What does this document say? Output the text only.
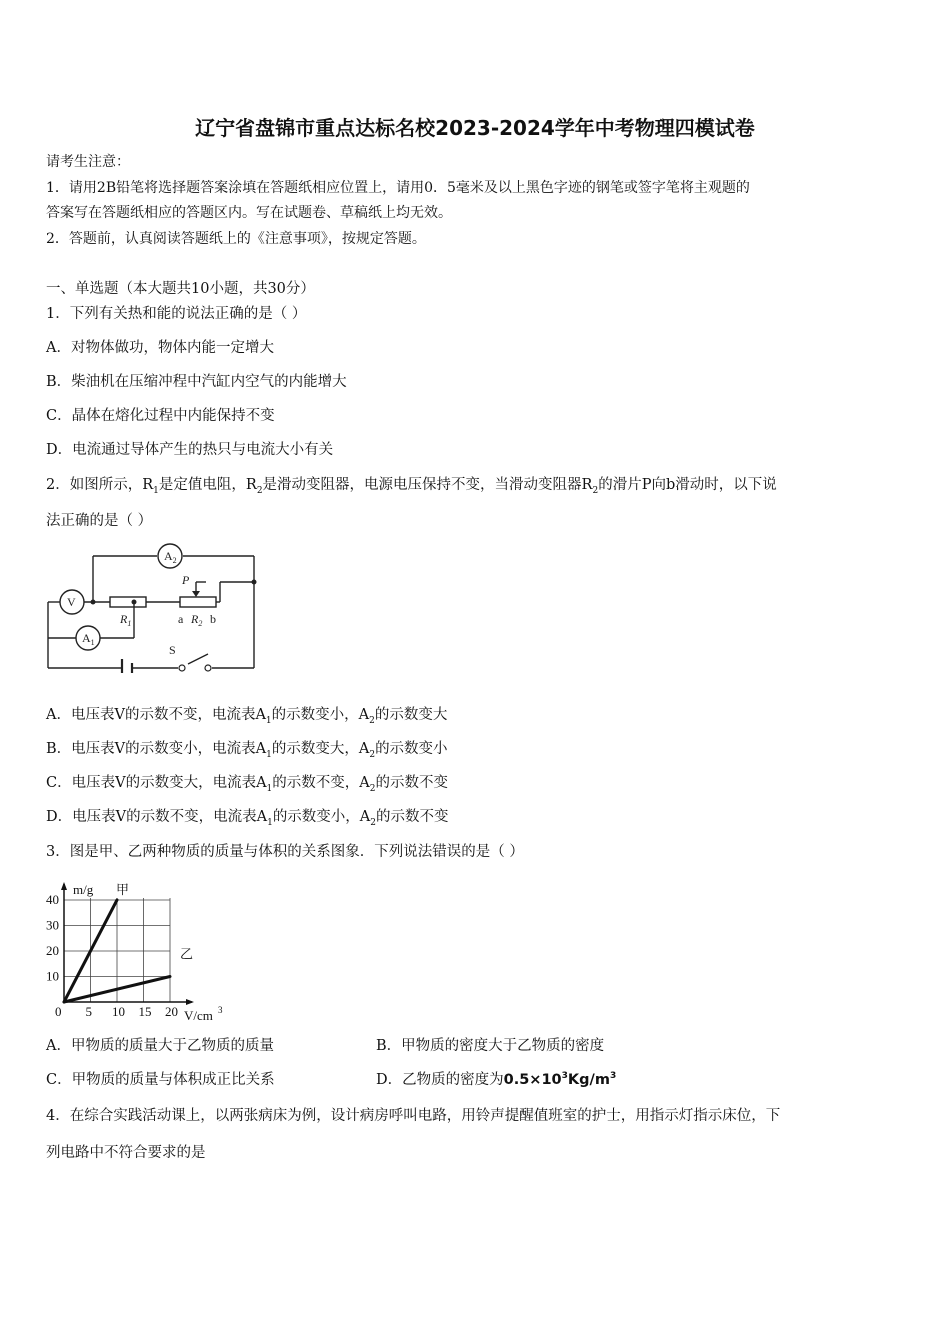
辽宁省盘锦市重点达标名校2023-2024学年中考物理四模试卷
请考生注意：
1．请用2B铅笔将选择题答案涂填在答题纸相应位置上，请用0．5毫米及以上黑色字迹的钢笔或签字笔将主观题的
答案写在答题纸相应的答题区内。写在试题卷、草稿纸上均无效。
2．答题前，认真阅读答题纸上的《注意事项》，按规定答题。
一、单选题（本大题共10小题，共30分）
1．下列有关热和能的说法正确的是（ ）
A．对物体做功，物体内能一定增大
B．柴油机在压缩冲程中汽缸内空气的内能增大
C．晶体在熔化过程中内能保持不变
D．电流通过导体产生的热只与电流大小有关
2．如图所示，$R_1$是定值电阻，$R_2$是滑动变阻器，电源电压保持不变，当滑动变阻器$R_2$的滑片P向b滑动时，以下说
法正确的是（ ）
$A_2$
V
$A_1$
$R_1$
P
a $R_2$ b
S
A．电压表V的示数不变，电流表$A_1$的示数变小，$A_2$的示数变大
B．电压表V的示数变小，电流表$A_1$的示数变大，$A_2$的示数变小
C．电压表V的示数变大，电流表$A_1$的示数不变，$A_2$的示数不变
D．电压表V的示数不变，电流表$A_1$的示数变小，$A_2$的示数不变
3．图是甲、乙两种物质的质量与体积的关系图象．下列说法错误的是（ ）
0 5 10 15 20
10
20
30
40
m/g
V/cm 3
甲
乙
A．甲物质的质量大于乙物质的质量	B．甲物质的密度大于乙物质的密度
C．甲物质的质量与体积成正比关系	D．乙物质的密度为$0.5\times 10^3Kg/m^3$
4．在综合实践活动课上，以两张病床为例，设计病房呼叫电路，用铃声提醒值班室的护士，用指示灯指示床位，下
列电路中不符合要求的是
